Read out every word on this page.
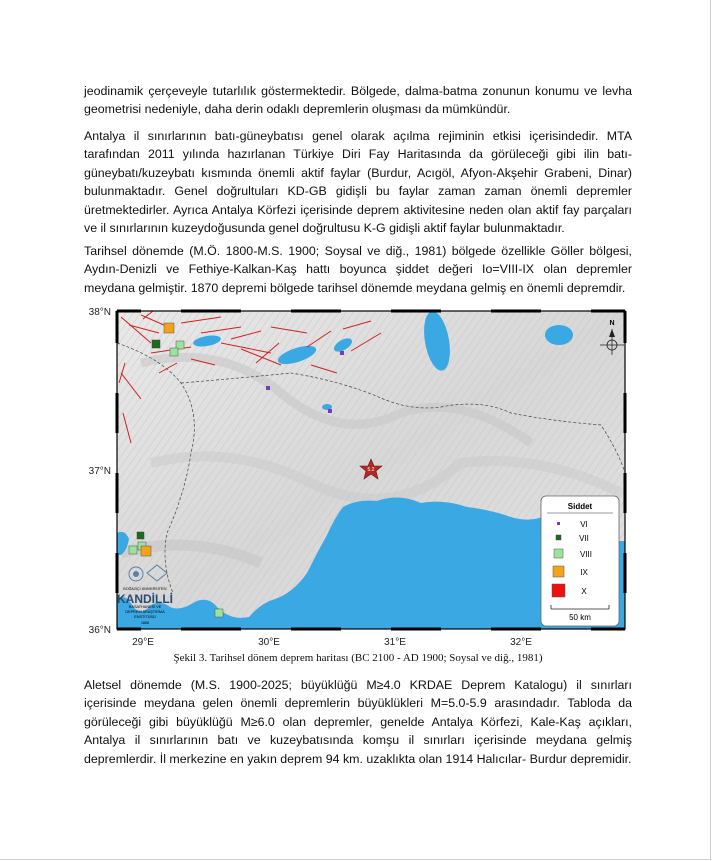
jeodinamik çerçeveyle tutarlılık göstermektedir. Bölgede, dalma-batma zonunun konumu ve levha geometrisi nedeniyle, daha derin odaklı depremlerin oluşması da mümkündür.

Antalya il sınırlarının batı-güneybatısı genel olarak açılma rejiminin etkisi içerisindedir. MTA tarafından 2011 yılında hazırlanan Türkiye Diri Fay Haritasında da görüleceği gibi ilin batı-güneybatı/kuzeybatı kısmında önemli aktif faylar (Burdur, Acıgöl, Afyon-Akşehir Grabeni, Dinar) bulunmaktadır. Genel doğrultuları KD-GB gidişli bu faylar zaman zaman önemli depremler üretmektedirler. Ayrıca Antalya Körfezi içerisinde deprem aktivitesine neden olan aktif fay parçaları ve il sınırlarının kuzeydoğusunda genel doğrultusu K-G gidişli aktif faylar bulunmaktadır.

Tarihsel dönemde (M.Ö. 1800-M.S. 1900; Soysal ve diğ., 1981) bölgede özellikle Göller bölgesi, Aydın-Denizli ve Fethiye-Kalkan-Kaş hattı boyunca şiddet değeri Io=VIII-IX olan depremler meydana gelmiştir. 1870 depremi bölgede tarihsel dönemde meydana gelmiş en önemli depremdir.

5.2
N
BOĞAZİÇİ ÜNİVERSİTESİ
KANDİLLİ
RASATHANESİ VE
DEPREM ARAŞTIRMA
ENSTİTÜSÜ
1868
Siddet
VI
VII
VIII
IX
X
50 km
38°N
37°N
36°N
29°E	30°E	31°E	32°E
Şekil 3. Tarihsel dönem deprem haritası (BC 2100 - AD 1900; Soysal ve diğ., 1981)

Aletsel dönemde (M.S. 1900-2025; büyüklüğü M≥4.0 KRDAE Deprem Katalogu) il sınırları içerisinde meydana gelen önemli depremlerin büyüklükleri M=5.0-5.9 arasındadır. Tabloda da görüleceği gibi büyüklüğü M≥6.0 olan depremler, genelde Antalya Körfezi, Kale-Kaş açıkları, Antalya il sınırlarının batı ve kuzeybatısında komşu il sınırları içerisinde meydana gelmiş depremlerdir. İl merkezine en yakın deprem 94 km. uzaklıkta olan 1914 Halıcılar- Burdur depremidir.
